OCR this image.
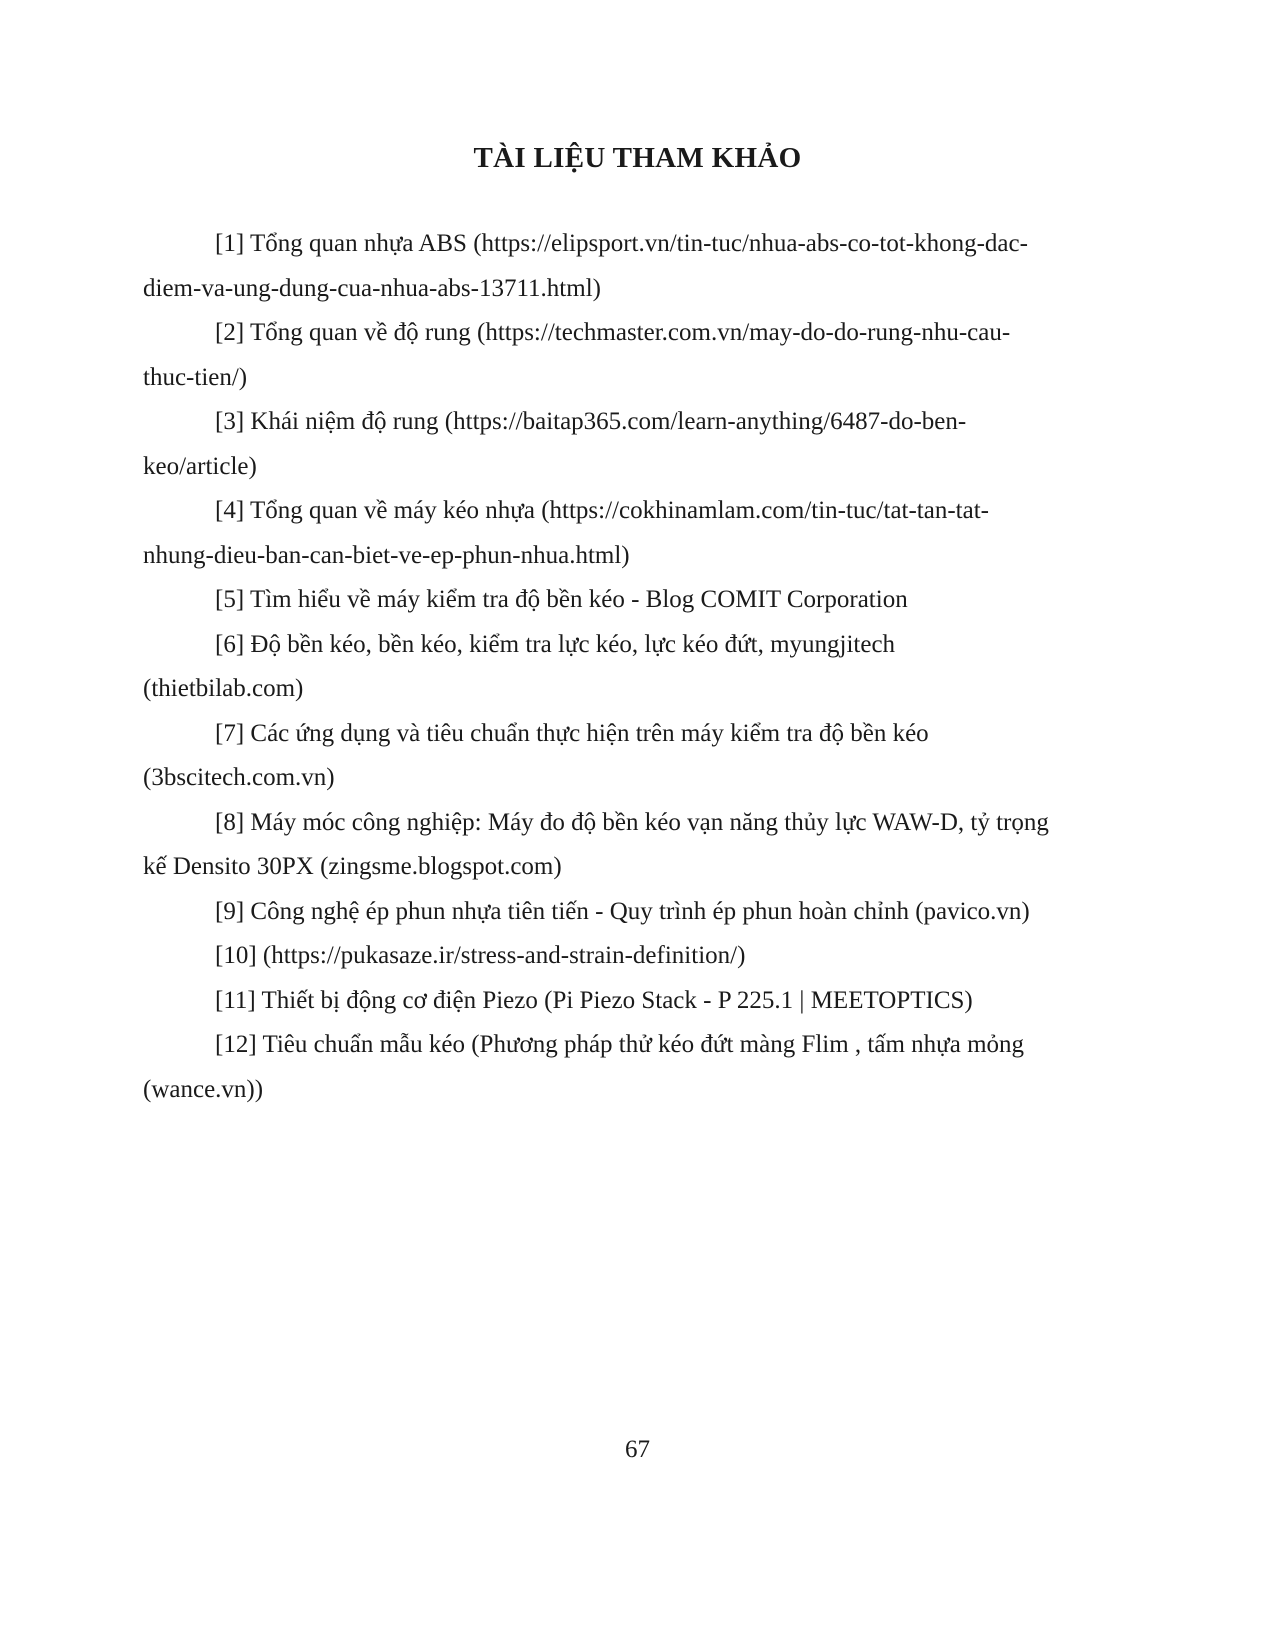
TÀI LIỆU THAM KHẢO
[1] Tổng quan nhựa ABS (https://elipsport.vn/tin-tuc/nhua-abs-co-tot-khong-dac-diem-va-ung-dung-cua-nhua-abs-13711.html)
[2] Tổng quan về độ rung (https://techmaster.com.vn/may-do-do-rung-nhu-cau-thuc-tien/)
[3] Khái niệm độ rung (https://baitap365.com/learn-anything/6487-do-ben-keo/article)
[4] Tổng quan về máy kéo nhựa (https://cokhinamlam.com/tin-tuc/tat-tan-tat-nhung-dieu-ban-can-biet-ve-ep-phun-nhua.html)
[5] Tìm hiểu về máy kiểm tra độ bền kéo - Blog COMIT Corporation
[6] Độ bền kéo, bền kéo, kiểm tra lực kéo, lực kéo đứt, myungjitech (thietbilab.com)
[7] Các ứng dụng và tiêu chuẩn thực hiện trên máy kiểm tra độ bền kéo (3bscitech.com.vn)
[8] Máy móc công nghiệp: Máy đo độ bền kéo vạn năng thủy lực WAW-D, tỷ trọng kế Densito 30PX (zingsme.blogspot.com)
[9] Công nghệ ép phun nhựa tiên tiến - Quy trình ép phun hoàn chỉnh (pavico.vn)
[10] (https://pukasaze.ir/stress-and-strain-definition/)
[11] Thiết bị động cơ điện Piezo (Pi Piezo Stack - P 225.1 | MEETOPTICS)
[12] Tiêu chuẩn mẫu kéo (Phương pháp thử kéo đứt màng Flim , tấm nhựa mỏng (wance.vn))
67
